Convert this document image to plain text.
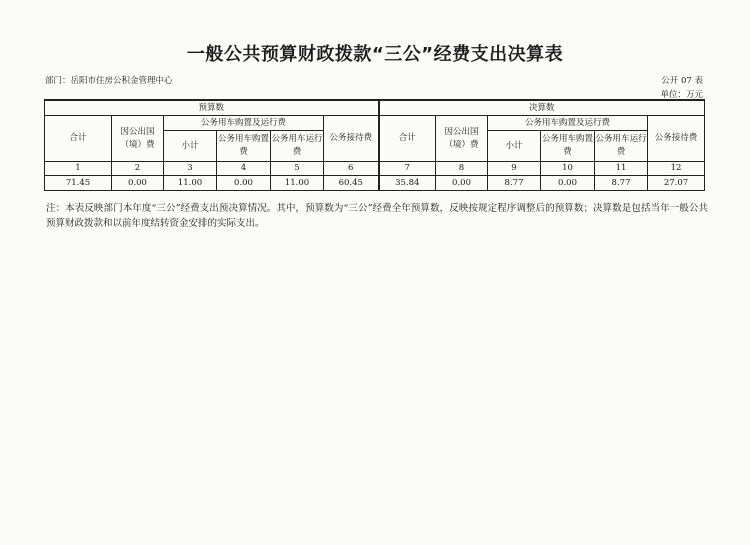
一般公共预算财政拨款“三公”经费支出决算表
部门：岳阳市住房公积金管理中心	公开 07 表
单位：万元
预算数						决算数					
合计	因公出国（境）费	公务用车购置及运行费			公务接待费	合计	因公出国（境）费	公务用车购置及运行费			公务接待费
		小计	公务用车购置费	公务用车运行费				小计	公务用车购置费	公务用车运行费	
1	2	3	4	5	6	7	8	9	10	11	12
71.45	0.00	11.00	0.00	11.00	60.45	35.84	0.00	8.77	0.00	8.77	27.07
注：本表反映部门本年度“三公”经费支出预决算情况。其中，预算数为“三公”经费全年预算数，反映按规定程序调整后的预算数；决算数是包括当年一般公共预算财政拨款和以前年度结转资金安排的实际支出。
